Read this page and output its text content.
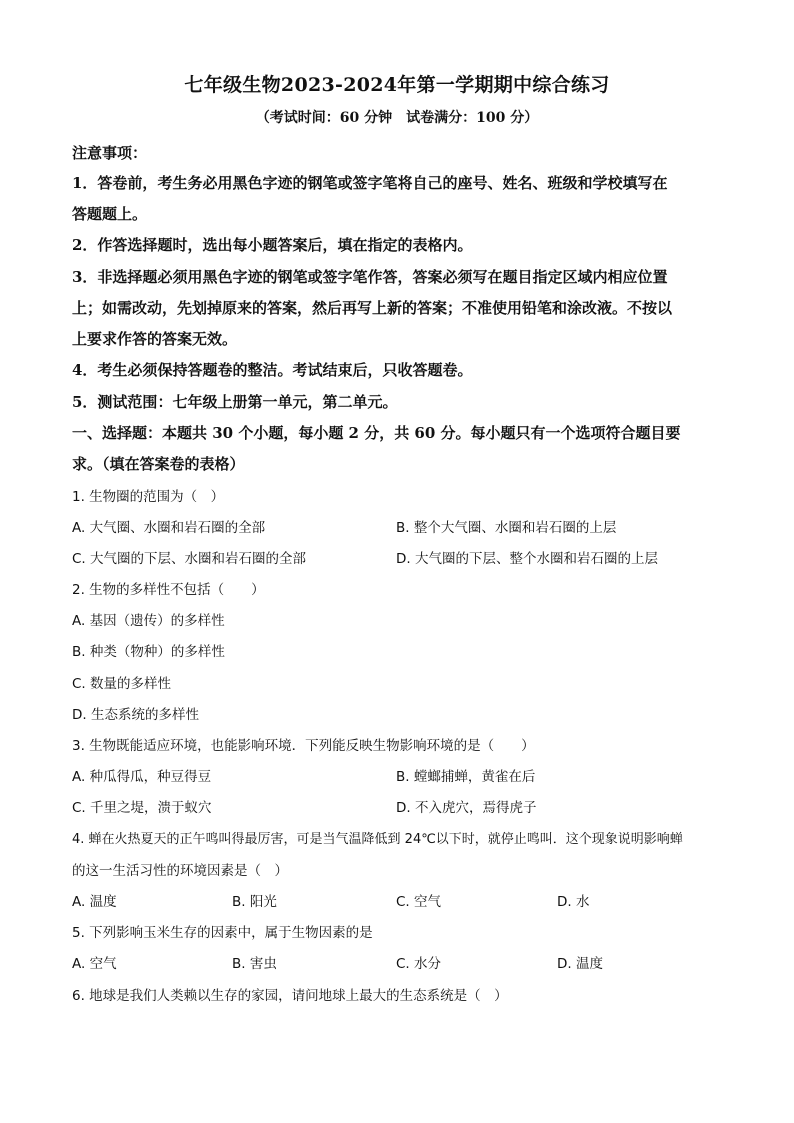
七年级生物2023-2024年第一学期期中综合练习
（考试时间：60 分钟　试卷满分：100 分）
注意事项：
1．答卷前，考生务必用黑色字迹的钢笔或签字笔将自己的座号、姓名、班级和学校填写在
答题题上。
2．作答选择题时，选出每小题答案后，填在指定的表格内。
3．非选择题必须用黑色字迹的钢笔或签字笔作答，答案必须写在题目指定区域内相应位置
上；如需改动，先划掉原来的答案，然后再写上新的答案；不准使用铅笔和涂改液。不按以
上要求作答的答案无效。
4．考生必须保持答题卷的整洁。考试结束后，只收答题卷。
5．测试范围：七年级上册第一单元，第二单元。
一、选择题：本题共 30 个小题，每小题 2 分，共 60 分。每小题只有一个选项符合题目要
求。（填在答案卷的表格）
1. 生物圈的范围为（　）
A. 大气圈、水圈和岩石圈的全部	B. 整个大气圈、水圈和岩石圈的上层
C. 大气圈的下层、水圈和岩石圈的全部	D. 大气圈的下层、整个水圈和岩石圈的上层
2. 生物的多样性不包括（　　）
A. 基因（遗传）的多样性
B. 种类（物种）的多样性
C. 数量的多样性
D. 生态系统的多样性
3. 生物既能适应环境，也能影响环境．下列能反映生物影响环境的是（　　）
A. 种瓜得瓜，种豆得豆	B. 螳螂捕蝉，黄雀在后
C. 千里之堤，溃于蚁穴	D. 不入虎穴，焉得虎子
4. 蝉在火热夏天的正午鸣叫得最厉害，可是当气温降低到 24℃以下时，就停止鸣叫．这个现象说明影响蝉
的这一生活习性的环境因素是（　）
A. 温度	B. 阳光	C. 空气	D. 水
5. 下列影响玉米生存的因素中，属于生物因素的是
A. 空气	B. 害虫	C. 水分	D. 温度
6. 地球是我们人类赖以生存的家园，请问地球上最大的生态系统是（　）
